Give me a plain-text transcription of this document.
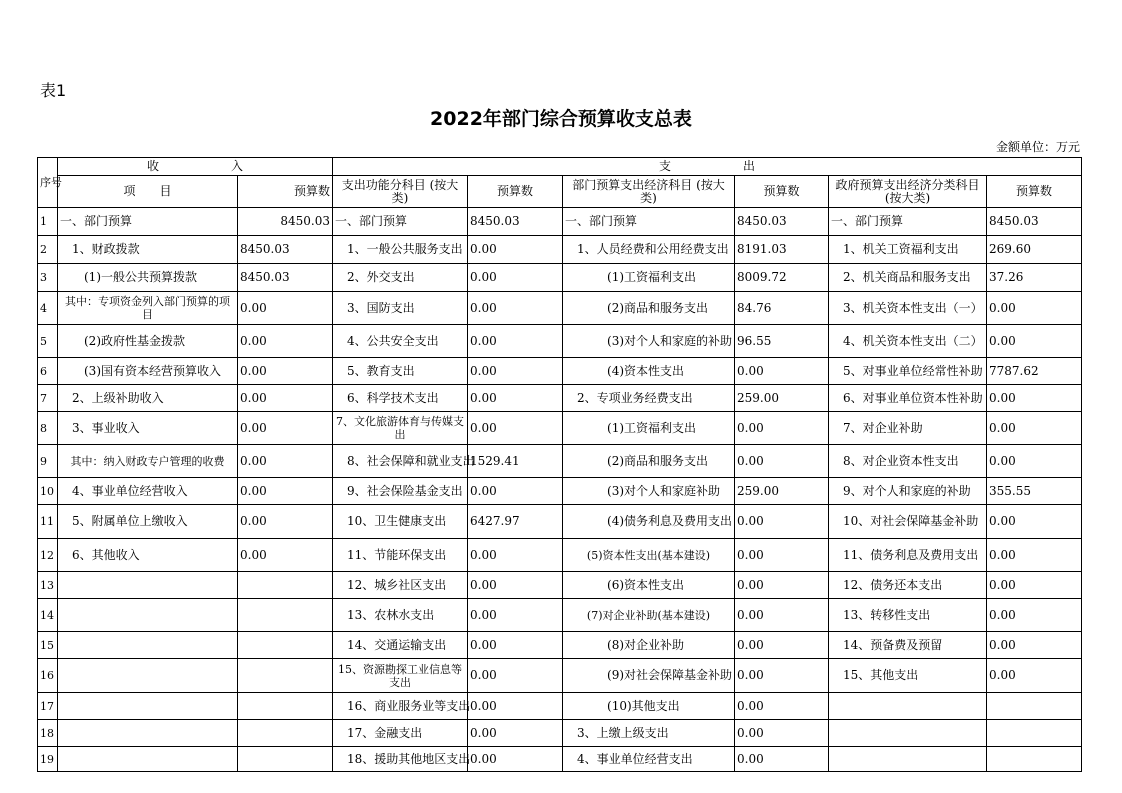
表1
2022年部门综合预算收支总表
金额单位：万元
序号	收　　　　　　入		支　　　　　　出					
	项　　目	预算数	支出功能分科目 (按大类)	预算数	部门预算支出经济科目 (按大类)	预算数	政府预算支出经济分类科目 (按大类)	预算数
1	一、部门预算	8450.03	一、部门预算	8450.03	一、部门预算	8450.03	一、部门预算	8450.03
2	1、财政拨款	8450.03	1、一般公共服务支出	0.00	1、人员经费和公用经费支出	8191.03	1、机关工资福利支出	269.60
3	(1)一般公共预算拨款	8450.03	2、外交支出	0.00	(1)工资福利支出	8009.72	2、机关商品和服务支出	37.26
4	其中：专项资金列入部门预算的项目	0.00	3、国防支出	0.00	(2)商品和服务支出	84.76	3、机关资本性支出（一）	0.00
5	(2)政府性基金拨款	0.00	4、公共安全支出	0.00	(3)对个人和家庭的补助	96.55	4、机关资本性支出（二）	0.00
6	(3)国有资本经营预算收入	0.00	5、教育支出	0.00	(4)资本性支出	0.00	5、对事业单位经常性补助	7787.62
7	2、上级补助收入	0.00	6、科学技术支出	0.00	2、专项业务经费支出	259.00	6、对事业单位资本性补助	0.00
8	3、事业收入	0.00	7、文化旅游体育与传媒支出	0.00	(1)工资福利支出	0.00	7、对企业补助	0.00
9	其中：纳入财政专户管理的收费	0.00	8、社会保障和就业支出	1529.41	(2)商品和服务支出	0.00	8、对企业资本性支出	0.00
10	4、事业单位经营收入	0.00	9、社会保险基金支出	0.00	(3)对个人和家庭补助	259.00	9、对个人和家庭的补助	355.55
11	5、附属单位上缴收入	0.00	10、卫生健康支出	6427.97	(4)债务利息及费用支出	0.00	10、对社会保障基金补助	0.00
12	6、其他收入	0.00	11、节能环保支出	0.00	(5)资本性支出(基本建设)	0.00	11、债务利息及费用支出	0.00
13			12、城乡社区支出	0.00	(6)资本性支出	0.00	12、债务还本支出	0.00
14			13、农林水支出	0.00	(7)对企业补助(基本建设)	0.00	13、转移性支出	0.00
15			14、交通运输支出	0.00	(8)对企业补助	0.00	14、预备费及预留	0.00
16			15、资源勘探工业信息等支出	0.00	(9)对社会保障基金补助	0.00	15、其他支出	0.00
17			16、商业服务业等支出	0.00	(10)其他支出	0.00		
18			17、金融支出	0.00	3、上缴上级支出	0.00		
19			18、援助其他地区支出	0.00	4、事业单位经营支出	0.00		
